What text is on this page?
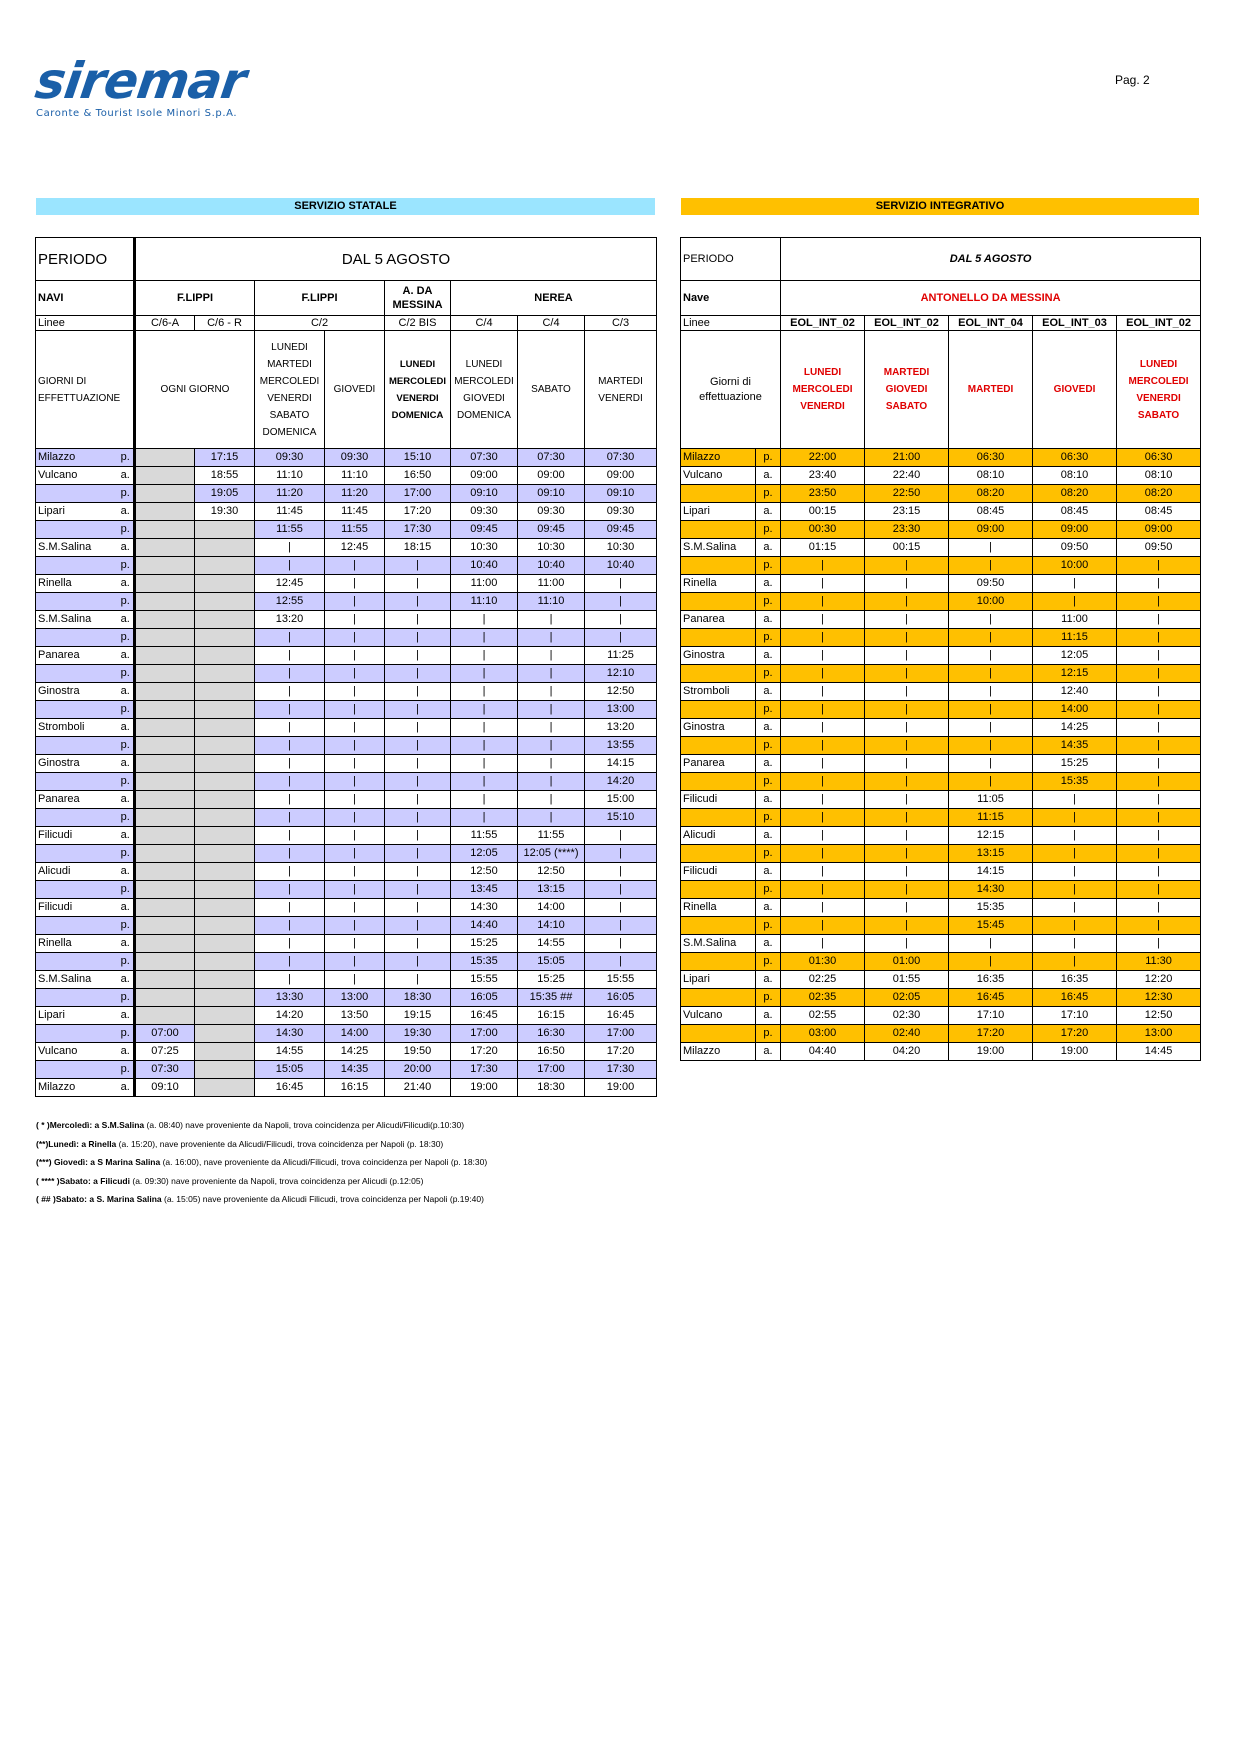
siremar
Caronte & Tourist Isole Minori S.p.A.
Pag. 2
SERVIZIO STATALE	SERVIZIO INTEGRATIVO
PERIODO		DAL 5 AGOSTO							
NAVI		F.LIPPI		F.LIPPI		A. DA MESSINA	NEREA		
Linee		C/6-A	C/6 - R	C/2		C/2 BIS	C/4	C/4	C/3
GIORNI DI EFFETTUAZIONE		OGNI GIORNO		LUNEDI MARTEDI MERCOLEDI VENERDI SABATO DOMENICA	GIOVEDI	LUNEDI MERCOLEDI VENERDI DOMENICA	LUNEDI MERCOLEDI GIOVEDI DOMENICA	SABATO	MARTEDI VENERDI
Milazzo	p.		17:15	09:30	09:30	15:10	07:30	07:30	07:30
Vulcano	a.		18:55	11:10	11:10	16:50	09:00	09:00	09:00
	p.		19:05	11:20	11:20	17:00	09:10	09:10	09:10
Lipari	a.		19:30	11:45	11:45	17:20	09:30	09:30	09:30
	p.			11:55	11:55	17:30	09:45	09:45	09:45
S.M.Salina	a.			|	12:45	18:15	10:30	10:30	10:30
	p.			|	|	|	10:40	10:40	10:40
Rinella	a.			12:45	|	|	11:00	11:00	|
	p.			12:55	|	|	11:10	11:10	|
S.M.Salina	a.			13:20	|	|	|	|	|
	p.			|	|	|	|	|	|
Panarea	a.			|	|	|	|	|	11:25
	p.			|	|	|	|	|	12:10
Ginostra	a.			|	|	|	|	|	12:50
	p.			|	|	|	|	|	13:00
Stromboli	a.			|	|	|	|	|	13:20
	p.			|	|	|	|	|	13:55
Ginostra	a.			|	|	|	|	|	14:15
	p.			|	|	|	|	|	14:20
Panarea	a.			|	|	|	|	|	15:00
	p.			|	|	|	|	|	15:10
Filicudi	a.			|	|	|	11:55	11:55	|
	p.			|	|	|	12:05	12:05 (****)	|
Alicudi	a.			|	|	|	12:50	12:50	|
	p.			|	|	|	13:45	13:15	|
Filicudi	a.			|	|	|	14:30	14:00	|
	p.			|	|	|	14:40	14:10	|
Rinella	a.			|	|	|	15:25	14:55	|
	p.			|	|	|	15:35	15:05	|
S.M.Salina	a.			|	|	|	15:55	15:25	15:55
	p.			13:30	13:00	18:30	16:05	15:35 ##	16:05
Lipari	a.			14:20	13:50	19:15	16:45	16:15	16:45
	p.	07:00		14:30	14:00	19:30	17:00	16:30	17:00
Vulcano	a.	07:25		14:55	14:25	19:50	17:20	16:50	17:20
	p.	07:30		15:05	14:35	20:00	17:30	17:00	17:30
Milazzo	a.	09:10		16:45	16:15	21:40	19:00	18:30	19:00
PERIODO		DAL 5 AGOSTO				
Nave		ANTONELLO DA MESSINA				
Linee		EOL_INT_02	EOL_INT_02	EOL_INT_04	EOL_INT_03	EOL_INT_02
Giorni di effettuazione		LUNEDI MERCOLEDI VENERDI	MARTEDI GIOVEDI SABATO	MARTEDI	GIOVEDI	LUNEDI MERCOLEDI VENERDI SABATO
Milazzo	p.	22:00	21:00	06:30	06:30	06:30
Vulcano	a.	23:40	22:40	08:10	08:10	08:10
	p.	23:50	22:50	08:20	08:20	08:20
Lipari	a.	00:15	23:15	08:45	08:45	08:45
	p.	00:30	23:30	09:00	09:00	09:00
S.M.Salina	a.	01:15	00:15	|	09:50	09:50
	p.	|	|	|	10:00	|
Rinella	a.	|	|	09:50	|	|
	p.	|	|	10:00	|	|
Panarea	a.	|	|	|	11:00	|
	p.	|	|	|	11:15	|
Ginostra	a.	|	|	|	12:05	|
	p.	|	|	|	12:15	|
Stromboli	a.	|	|	|	12:40	|
	p.	|	|	|	14:00	|
Ginostra	a.	|	|	|	14:25	|
	p.	|	|	|	14:35	|
Panarea	a.	|	|	|	15:25	|
	p.	|	|	|	15:35	|
Filicudi	a.	|	|	11:05	|	|
	p.	|	|	11:15	|	|
Alicudi	a.	|	|	12:15	|	|
	p.	|	|	13:15	|	|
Filicudi	a.	|	|	14:15	|	|
	p.	|	|	14:30	|	|
Rinella	a.	|	|	15:35	|	|
	p.	|	|	15:45	|	|
S.M.Salina	a.	|	|	|	|	|
	p.	01:30	01:00	|	|	11:30
Lipari	a.	02:25	01:55	16:35	16:35	12:20
	p.	02:35	02:05	16:45	16:45	12:30
Vulcano	a.	02:55	02:30	17:10	17:10	12:50
	p.	03:00	02:40	17:20	17:20	13:00
Milazzo	a.	04:40	04:20	19:00	19:00	14:45
( * )Mercoledì: a S.M.Salina (a. 08:40) nave proveniente da Napoli, trova coincidenza per Alicudi/Filicudi(p.10:30)
(**)Lunedì: a Rinella (a. 15:20), nave proveniente da Alicudi/Filicudi, trova coincidenza per Napoli (p. 18:30)
(***) Giovedì: a S Marina Salina (a. 16:00), nave proveniente da Alicudi/Filicudi, trova coincidenza per Napoli (p. 18:30)
( **** )Sabato: a Filicudi (a. 09:30) nave proveniente da Napoli, trova coincidenza per Alicudi (p.12:05)
( ## )Sabato: a S. Marina Salina (a. 15:05) nave proveniente da Alicudi Filicudi, trova coincidenza per Napoli (p.19:40)
